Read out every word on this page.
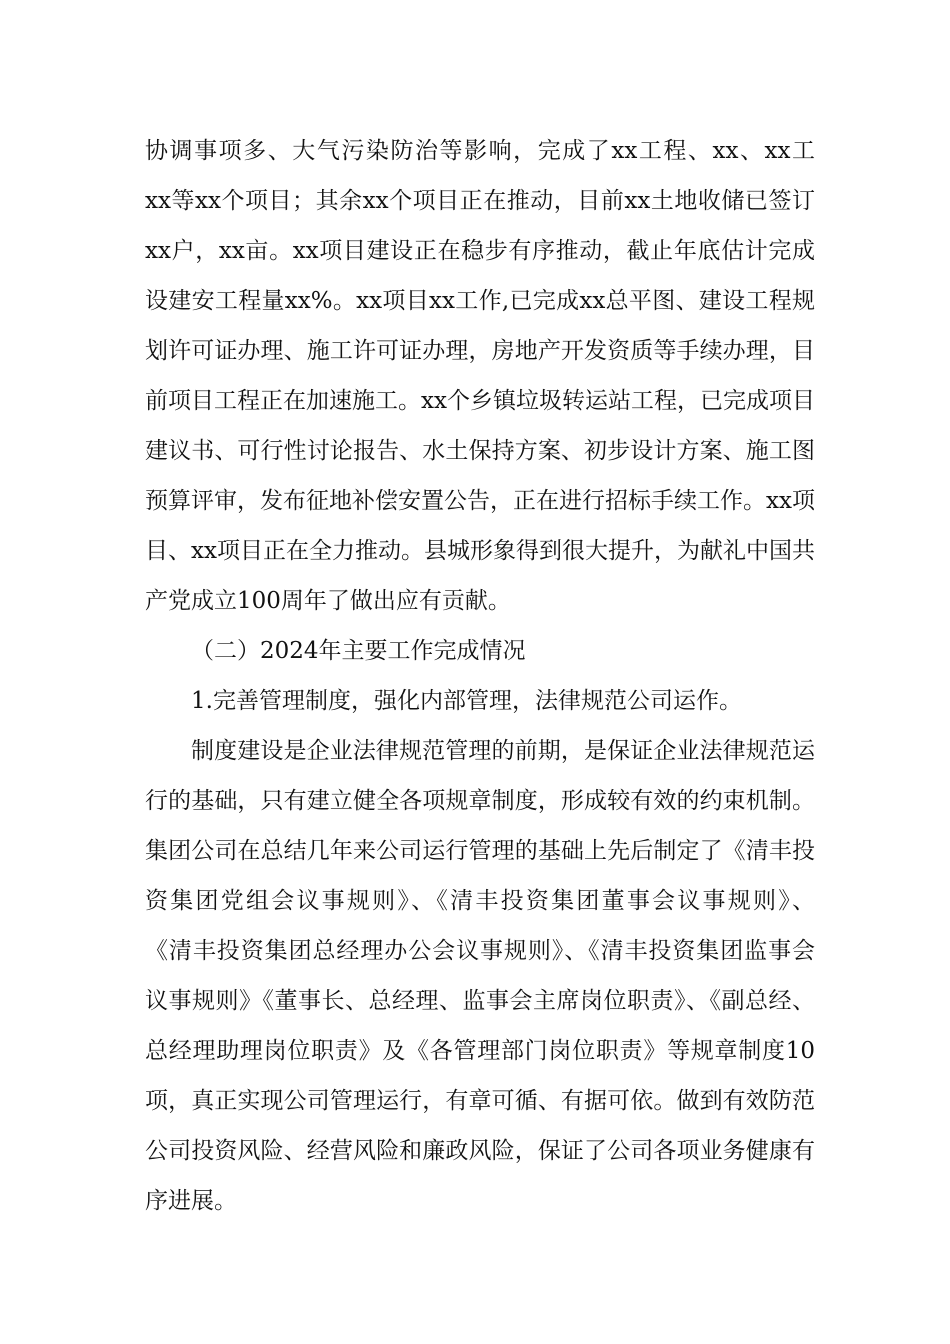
协调事项多、大气污染防治等影响，完成了xx工程、xx、xx工
xx等xx个项目；其余xx个项目正在推动，目前xx土地收储已签订
xx户，xx亩。xx项目建设正在稳步有序推动，截止年底估计完成
设建安工程量xx%。xx项目xx工作,已完成xx总平图、建设工程规
划许可证办理、施工许可证办理，房地产开发资质等手续办理，目
前项目工程正在加速施工。xx个乡镇垃圾转运站工程，已完成项目
建议书、可行性讨论报告、水土保持方案、初步设计方案、施工图
预算评审，发布征地补偿安置公告，正在进行招标手续工作。xx项
目、xx项目正在全力推动。县城形象得到很大提升，为献礼中国共
产党成立100周年了做出应有贡献。
（二）2024年主要工作完成情况
1.完善管理制度，强化内部管理，法律规范公司运作。
制度建设是企业法律规范管理的前期，是保证企业法律规范运
行的基础，只有建立健全各项规章制度，形成较有效的约束机制。
集团公司在总结几年来公司运行管理的基础上先后制定了《清丰投
资集团党组会议事规则》、《清丰投资集团董事会议事规则》、
《清丰投资集团总经理办公会议事规则》、《清丰投资集团监事会
议事规则》《董事长、总经理、监事会主席岗位职责》、《副总经、
总经理助理岗位职责》及《各管理部门岗位职责》等规章制度10
项，真正实现公司管理运行，有章可循、有据可依。做到有效防范
公司投资风险、经营风险和廉政风险，保证了公司各项业务健康有
序进展。
